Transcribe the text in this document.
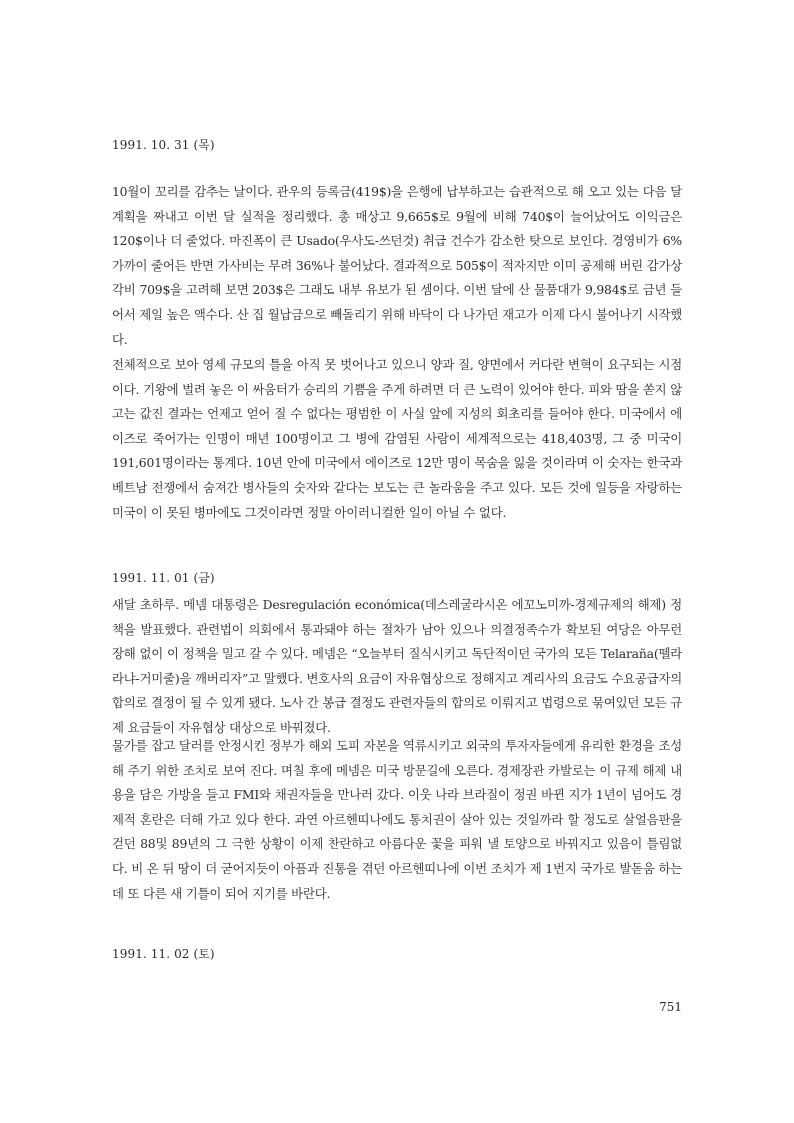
1991. 10. 31 (목)
10월이 꼬리를 감추는 날이다. 관우의 등록금(419$)을 은행에 납부하고는 습관적으로 해 오고 있는 다음 달 계획을 짜내고 이번 달 실적을 정리했다. 총 매상고 9,665$로 9월에 비해 740$이 늘어났어도 이익금은 120$이나 더 줄었다. 마진폭이 큰 Usado(우사도-쓰던것) 취급 건수가 감소한 탓으로 보인다. 경영비가 6% 가까이 줄어든 반면 가사비는 무려 36%나 불어났다. 결과적으로 505$이 적자지만 이미 공제해 버린 감가상각비 709$을 고려해 보면 203$은 그래도 내부 유보가 된 셈이다. 이번 달에 산 물품대가 9,984$로 금년 들어서 제일 높은 액수다. 산 집 월납금으로 빼돌리기 위해 바닥이 다 나가던 재고가 이제 다시 불어나기 시작했다.
전체적으로 보아 영세 규모의 틀을 아직 못 벗어나고 있으니 양과 질, 양면에서 커다란 변혁이 요구되는 시점이다. 기왕에 벌려 놓은 이 싸움터가 승리의 기쁨을 주게 하려면 더 큰 노력이 있어야 한다. 피와 땀을 쏟지 않고는 값진 결과는 언제고 얻어 질 수 없다는 평범한 이 사실 앞에 지성의 회초리를 들어야 한다. 미국에서 에이즈로 죽어가는 인명이 매년 100명이고 그 병에 감염된 사람이 세계적으로는 418,403명, 그 중 미국이 191,601명이라는 통계다. 10년 안에 미국에서 에이즈로 12만 명이 목숨을 잃을 것이라며 이 숫자는 한국과 베트남 전쟁에서 숨져간 병사들의 숫자와 같다는 보도는 큰 놀라움을 주고 있다. 모든 것에 일등을 자랑하는 미국이 이 못된 병마에도 그것이라면 정말 아이러니컬한 일이 아닐 수 없다.
1991. 11. 01 (금)
새달 초하루. 메넴 대통령은 Desregulación económica(데스레굴라시온 에꼬노미까-경제규제의 해제) 정책을 발표했다. 관련법이 의회에서 통과돼야 하는 절차가 남아 있으나 의결정족수가 확보된 여당은 아무런 장해 없이 이 정책을 밀고 갈 수 있다. 메넴은 “오늘부터 질식시키고 독단적이던 국가의 모든 Telaraña(뗄라라냐-거미줄)을 깨버리자”고 말했다. 변호사의 요금이 자유협상으로 정해지고 계리사의 요금도 수요공급자의 합의로 결정이 될 수 있게 됐다. 노사 간 봉급 결정도 관련자들의 합의로 이뤄지고 법령으로 묶여있던 모든 규제 요금들이 자유협상 대상으로 바꿔졌다.
물가를 잡고 달러를 안정시킨 정부가 해외 도피 자본을 역류시키고 외국의 투자자들에게 유리한 환경을 조성해 주기 위한 조치로 보여 진다. 며칠 후에 메넴은 미국 방문길에 오른다. 경제장관 카발로는 이 규제 해제 내용을 담은 가방을 들고 FMI와 채권자들을 만나러 갔다. 이웃 나라 브라질이 정권 바뀐 지가 1년이 넘어도 경제적 혼란은 더해 가고 있다 한다. 과연 아르헨띠나에도 통치권이 살아 있는 것일까라 할 정도로 살얼음판을 걷던 88및 89년의 그 극한 상황이 이제 찬란하고 아름다운 꽃을 피워 낼 토양으로 바꿔지고 있음이 틀림없다. 비 온 뒤 땅이 더 굳어지듯이 아픔과 진통을 겪던 아르헨띠나에 이번 조치가 제 1번지 국가로 발돋움 하는데 또 다른 새 기틀이 되어 지기를 바란다.
1991. 11. 02 (토)
751
